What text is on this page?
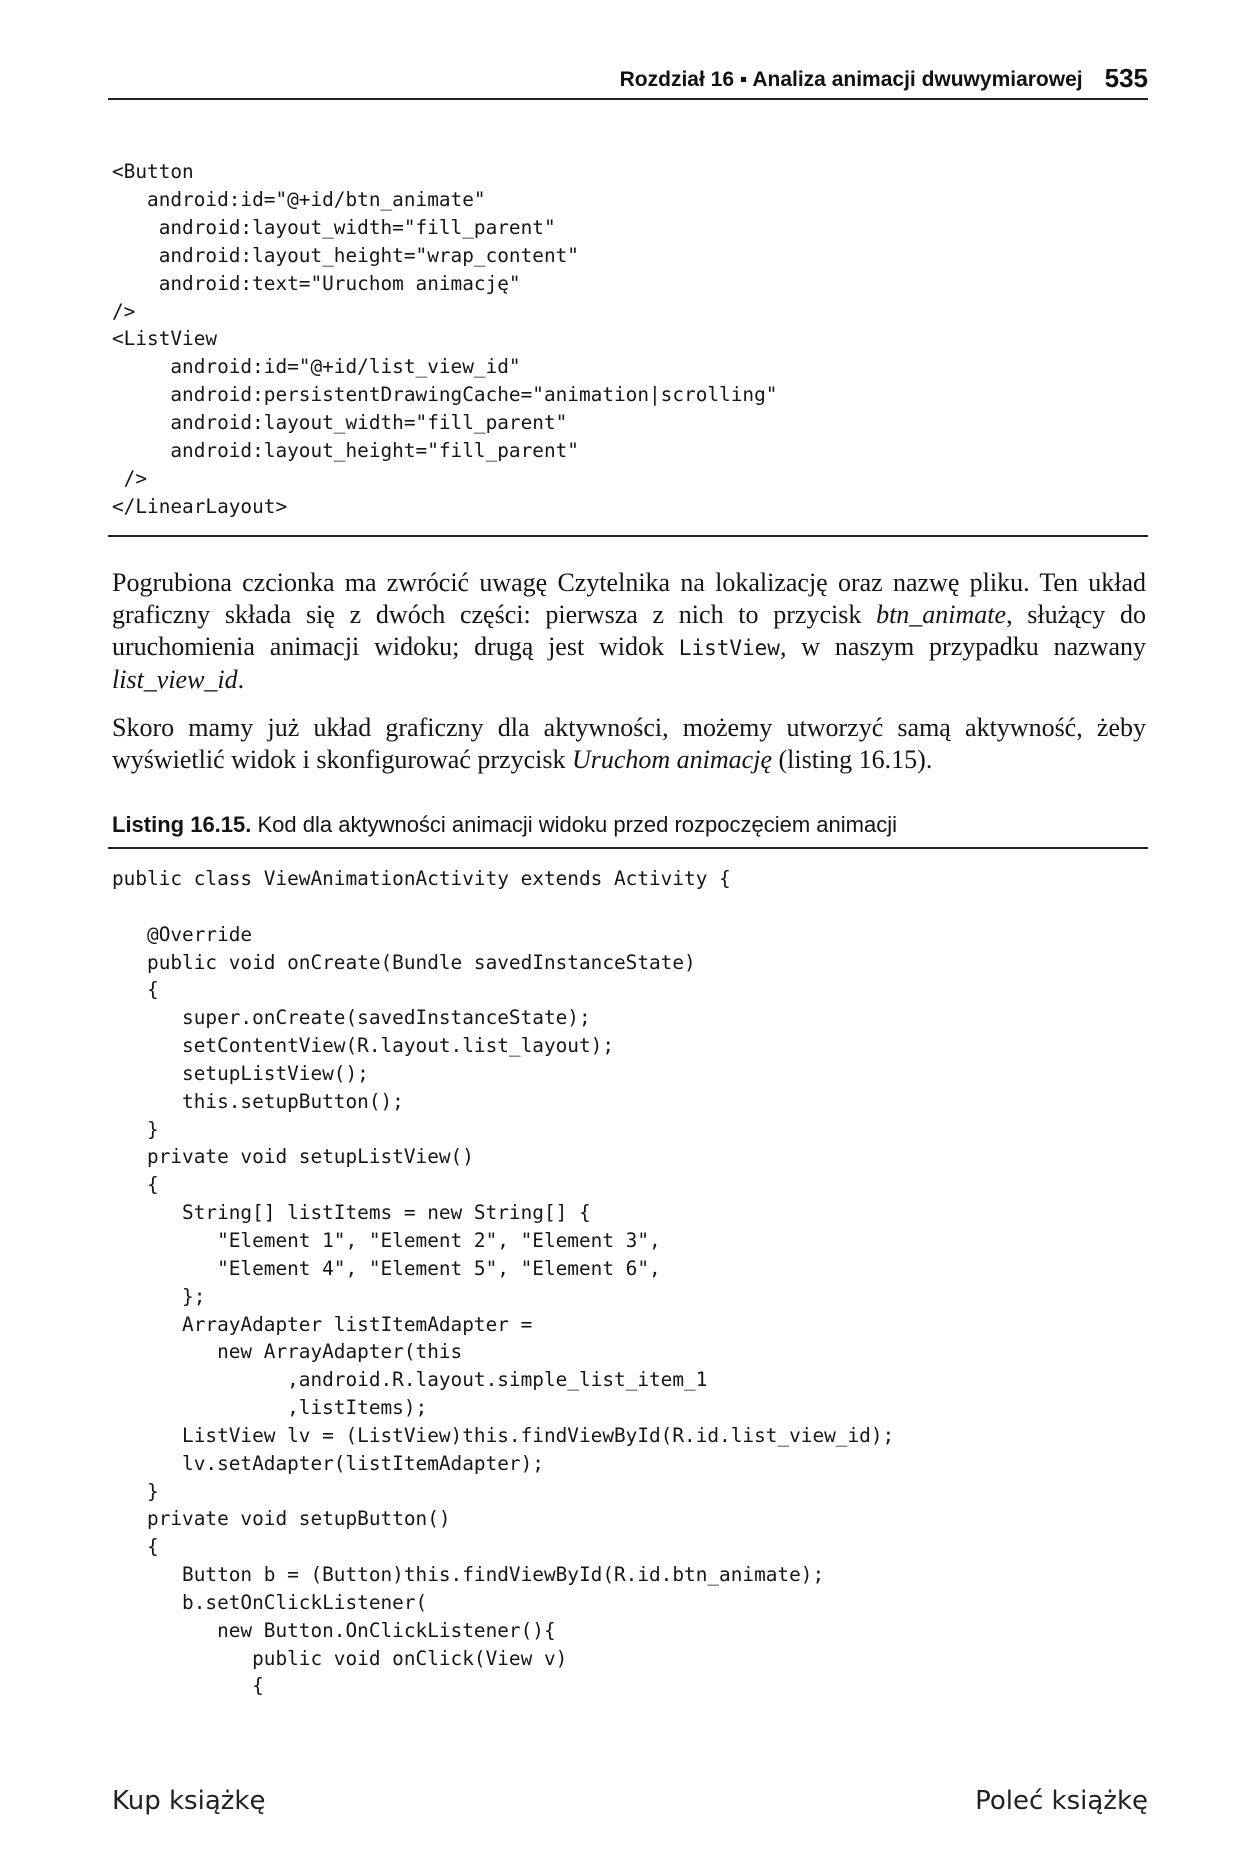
Rozdział 16 ▪ Analiza animacji dwuwymiarowej 535
<Button
android:id="@+id/btn_animate"
android:layout_width="fill_parent"
android:layout_height="wrap_content"
android:text="Uruchom animację"
/>
<ListView
android:id="@+id/list_view_id"
android:persistentDrawingCache="animation|scrolling"
android:layout_width="fill_parent"
android:layout_height="fill_parent"
/>
</LinearLayout>

Pogrubiona czcionka ma zwrócić uwagę Czytelnika na lokalizację oraz nazwę pliku. Ten układ graficzny składa się z dwóch części: pierwsza z nich to przycisk btn_animate, służący do uruchomienia animacji widoku; drugą jest widok ListView, w naszym przypadku nazwany list_view_id.

Skoro mamy już układ graficzny dla aktywności, możemy utworzyć samą aktywność, żeby wyświetlić widok i skonfigurować przycisk Uruchom animację (listing 16.15).

Listing 16.15. Kod dla aktywności animacji widoku przed rozpoczęciem animacji
public class ViewAnimationActivity extends Activity {

@Override
public void onCreate(Bundle savedInstanceState)
{
super.onCreate(savedInstanceState);
setContentView(R.layout.list_layout);
setupListView();
this.setupButton();
}
private void setupListView()
{
String[] listItems = new String[] {
"Element 1", "Element 2", "Element 3",
"Element 4", "Element 5", "Element 6",
};
ArrayAdapter listItemAdapter =
new ArrayAdapter(this
,android.R.layout.simple_list_item_1
,listItems);
ListView lv = (ListView)this.findViewById(R.id.list_view_id);
lv.setAdapter(listItemAdapter);
}
private void setupButton()
{
Button b = (Button)this.findViewById(R.id.btn_animate);
b.setOnClickListener(
new Button.OnClickListener(){
public void onClick(View v)
{
Kup książkę	Poleć książkę
